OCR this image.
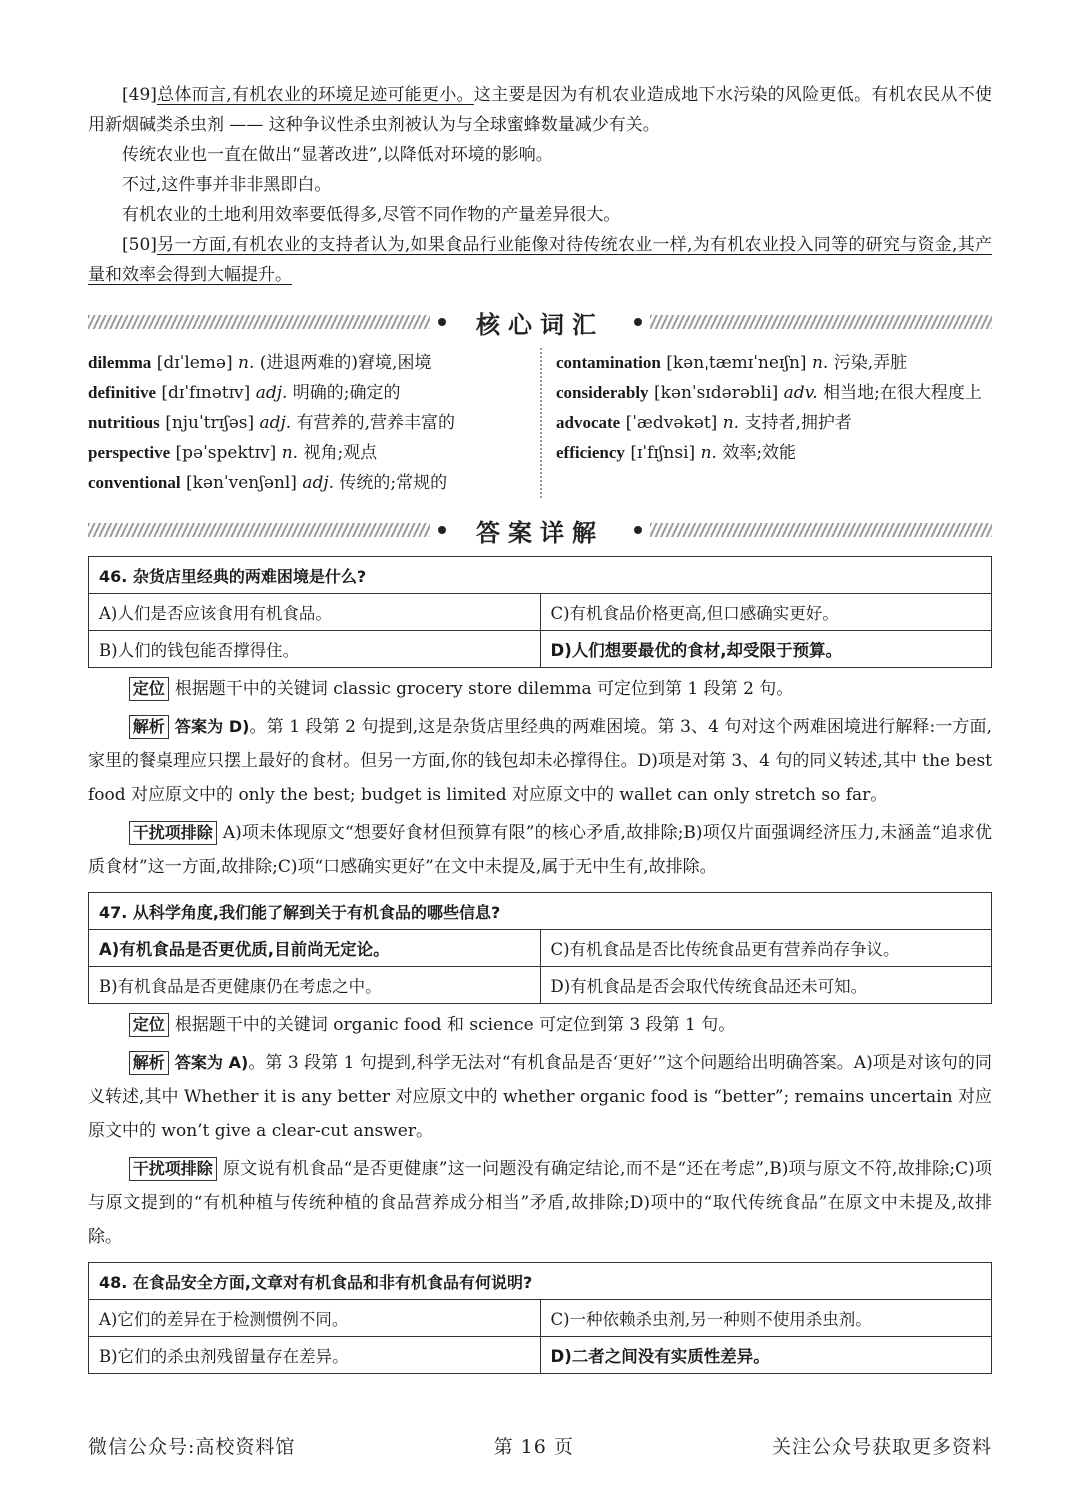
[49]总体而言,有机农业的环境足迹可能更小。这主要是因为有机农业造成地下水污染的风险更低。有机农民从不使用新烟碱类杀虫剂 —— 这种争议性杀虫剂被认为与全球蜜蜂数量减少有关。

传统农业也一直在做出“显著改进”,以降低对环境的影响。

不过,这件事并非非黑即白。

有机农业的土地利用效率要低得多,尽管不同作物的产量差异很大。

[50]另一方面,有机农业的支持者认为,如果食品行业能像对待传统农业一样,为有机农业投入同等的研究与资金,其产量和效率会得到大幅提升。

核心词汇
dilemma [dɪˈlemə] n. (进退两难的)窘境,困境
definitive [dɪˈfɪnətɪv] adj. 明确的;确定的
nutritious [njuˈtrɪʃəs] adj. 有营养的,营养丰富的
perspective [pəˈspektɪv] n. 视角;观点
conventional [kənˈvenʃənl] adj. 传统的;常规的
contamination [kənˌtæmɪˈneɪʃn] n. 污染,弄脏
considerably [kənˈsɪdərəbli] adv. 相当地;在很大程度上
advocate [ˈædvəkət] n. 支持者,拥护者
efficiency [ɪˈfɪʃnsi] n. 效率;效能
答案详解
46. 杂货店里经典的两难困境是什么?	
A)人们是否应该食用有机食品。	C)有机食品价格更高,但口感确实更好。
B)人们的钱包能否撑得住。	D)人们想要最优的食材,却受限于预算。

定位 根据题干中的关键词 classic grocery store dilemma 可定位到第 1 段第 2 句。

解析 答案为 D)。第 1 段第 2 句提到,这是杂货店里经典的两难困境。第 3、4 句对这个两难困境进行解释:一方面,家里的餐桌理应只摆上最好的食材。但另一方面,你的钱包却未必撑得住。D)项是对第 3、4 句的同义转述,其中 the best food 对应原文中的 only the best; budget is limited 对应原文中的 wallet can only stretch so far。

干扰项排除 A)项未体现原文“想要好食材但预算有限”的核心矛盾,故排除;B)项仅片面强调经济压力,未涵盖“追求优质食材”这一方面,故排除;C)项“口感确实更好”在文中未提及,属于无中生有,故排除。

47. 从科学角度,我们能了解到关于有机食品的哪些信息?	
A)有机食品是否更优质,目前尚无定论。	C)有机食品是否比传统食品更有营养尚存争议。
B)有机食品是否更健康仍在考虑之中。	D)有机食品是否会取代传统食品还未可知。

定位 根据题干中的关键词 organic food 和 science 可定位到第 3 段第 1 句。

解析 答案为 A)。第 3 段第 1 句提到,科学无法对“有机食品是否‘更好’”这个问题给出明确答案。A)项是对该句的同义转述,其中 Whether it is any better 对应原文中的 whether organic food is “better”; remains uncertain 对应原文中的 won’t give a clear-cut answer。

干扰项排除 原文说有机食品“是否更健康”这一问题没有确定结论,而不是“还在考虑”,B)项与原文不符,故排除;C)项与原文提到的“有机种植与传统种植的食品营养成分相当”矛盾,故排除;D)项中的“取代传统食品”在原文中未提及,故排除。

48. 在食品安全方面,文章对有机食品和非有机食品有何说明?	
A)它们的差异在于检测惯例不同。	C)一种依赖杀虫剂,另一种则不使用杀虫剂。
B)它们的杀虫剂残留量存在差异。	D)二者之间没有实质性差异。
微信公众号:高校资料馆	第 16 页	关注公众号获取更多资料
